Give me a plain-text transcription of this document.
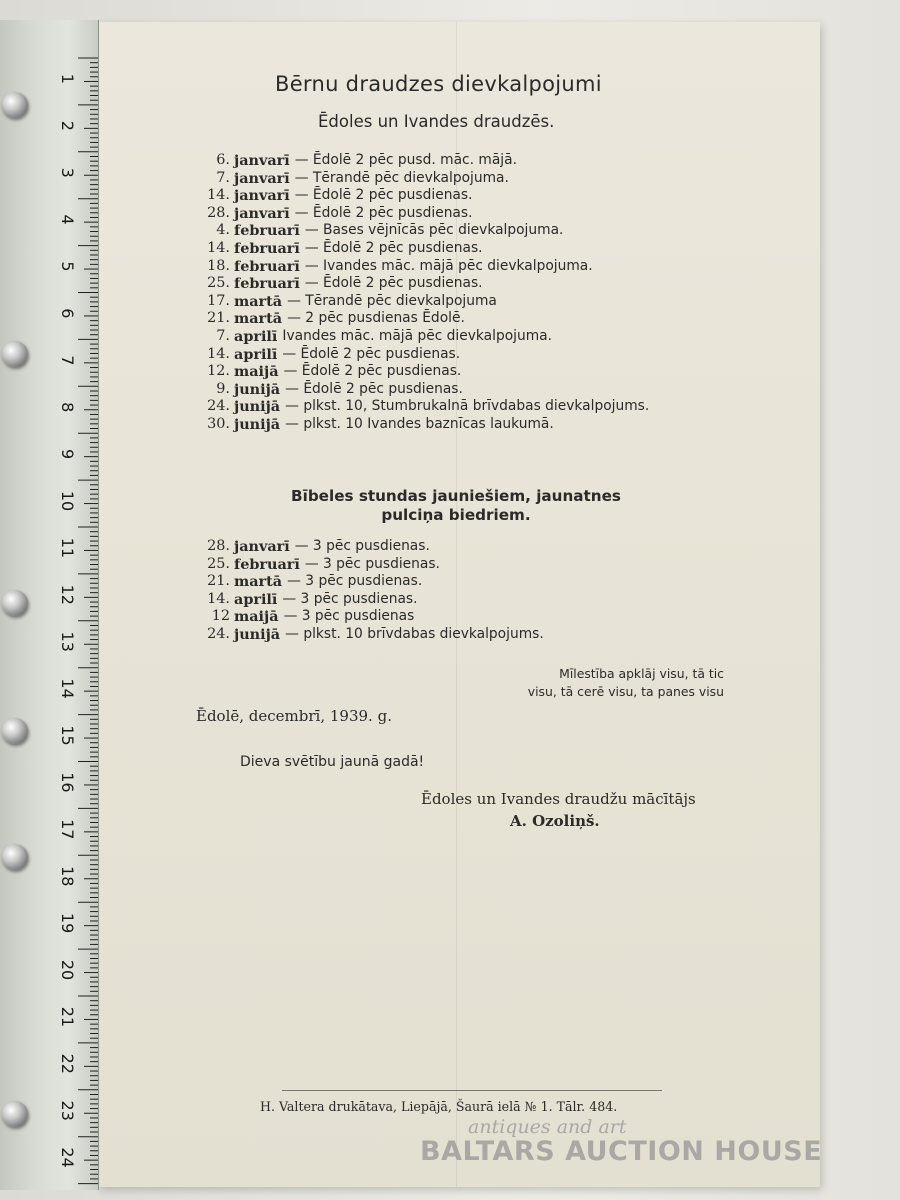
1
2
3
4
5
6
7
8
9
10
11
12
13
14
15
16
17
18
19
20
21
22
23
24
Bērnu draudzes dievkalpojumi
Ēdoles un Ivandes draudzēs.
6. janvarī — Ēdolē 2 pēc pusd. māc. mājā.
7. janvarī — Tērandē pēc dievkalpojuma.
14. janvarī — Ēdolē 2 pēc pusdienas.
28. janvarī — Ēdolē 2 pēc pusdienas.
4. februarī — Bases vējnīcās pēc dievkalpojuma.
14. februarī — Ēdolē 2 pēc pusdienas.
18. februarī — Ivandes māc. mājā pēc dievkalpojuma.
25. februarī — Ēdolē 2 pēc pusdienas.
17. martā — Tērandē pēc dievkalpojuma
21. martā — 2 pēc pusdienas Ēdolē.
7. aprilī Ivandes māc. mājā pēc dievkalpojuma.
14. aprilī — Ēdolē 2 pēc pusdienas.
12. maijā — Ēdolē 2 pēc pusdienas.
9. junijā — Ēdolē 2 pēc pusdienas.
24. junijā — plkst. 10, Stumbrukalnā brīvdabas dievkalpojums.
30. junijā — plkst. 10 Ivandes baznīcas laukumā.
Bībeles stundas jauniešiem, jaunatnes
pulciņa biedriem.
28. janvarī — 3 pēc pusdienas.
25. februarī — 3 pēc pusdienas.
21. martā — 3 pēc pusdienas.
14. aprilī — 3 pēc pusdienas.
12 maijā — 3 pēc pusdienas
24. junijā — plkst. 10 brīvdabas dievkalpojums.
Mīlestība apklāj visu, tā tic
visu, tā cerē visu, ta panes visu
Ēdolē, decembrī, 1939. g.
Dieva svētību jaunā gadā!
Ēdoles un Ivandes draudžu mācītājs
A. Ozoliņš.
H. Valtera drukātava, Liepājā, Šaurā ielā № 1. Tālr. 484.
antiques and art
BALTARS AUCTION HOUSE
